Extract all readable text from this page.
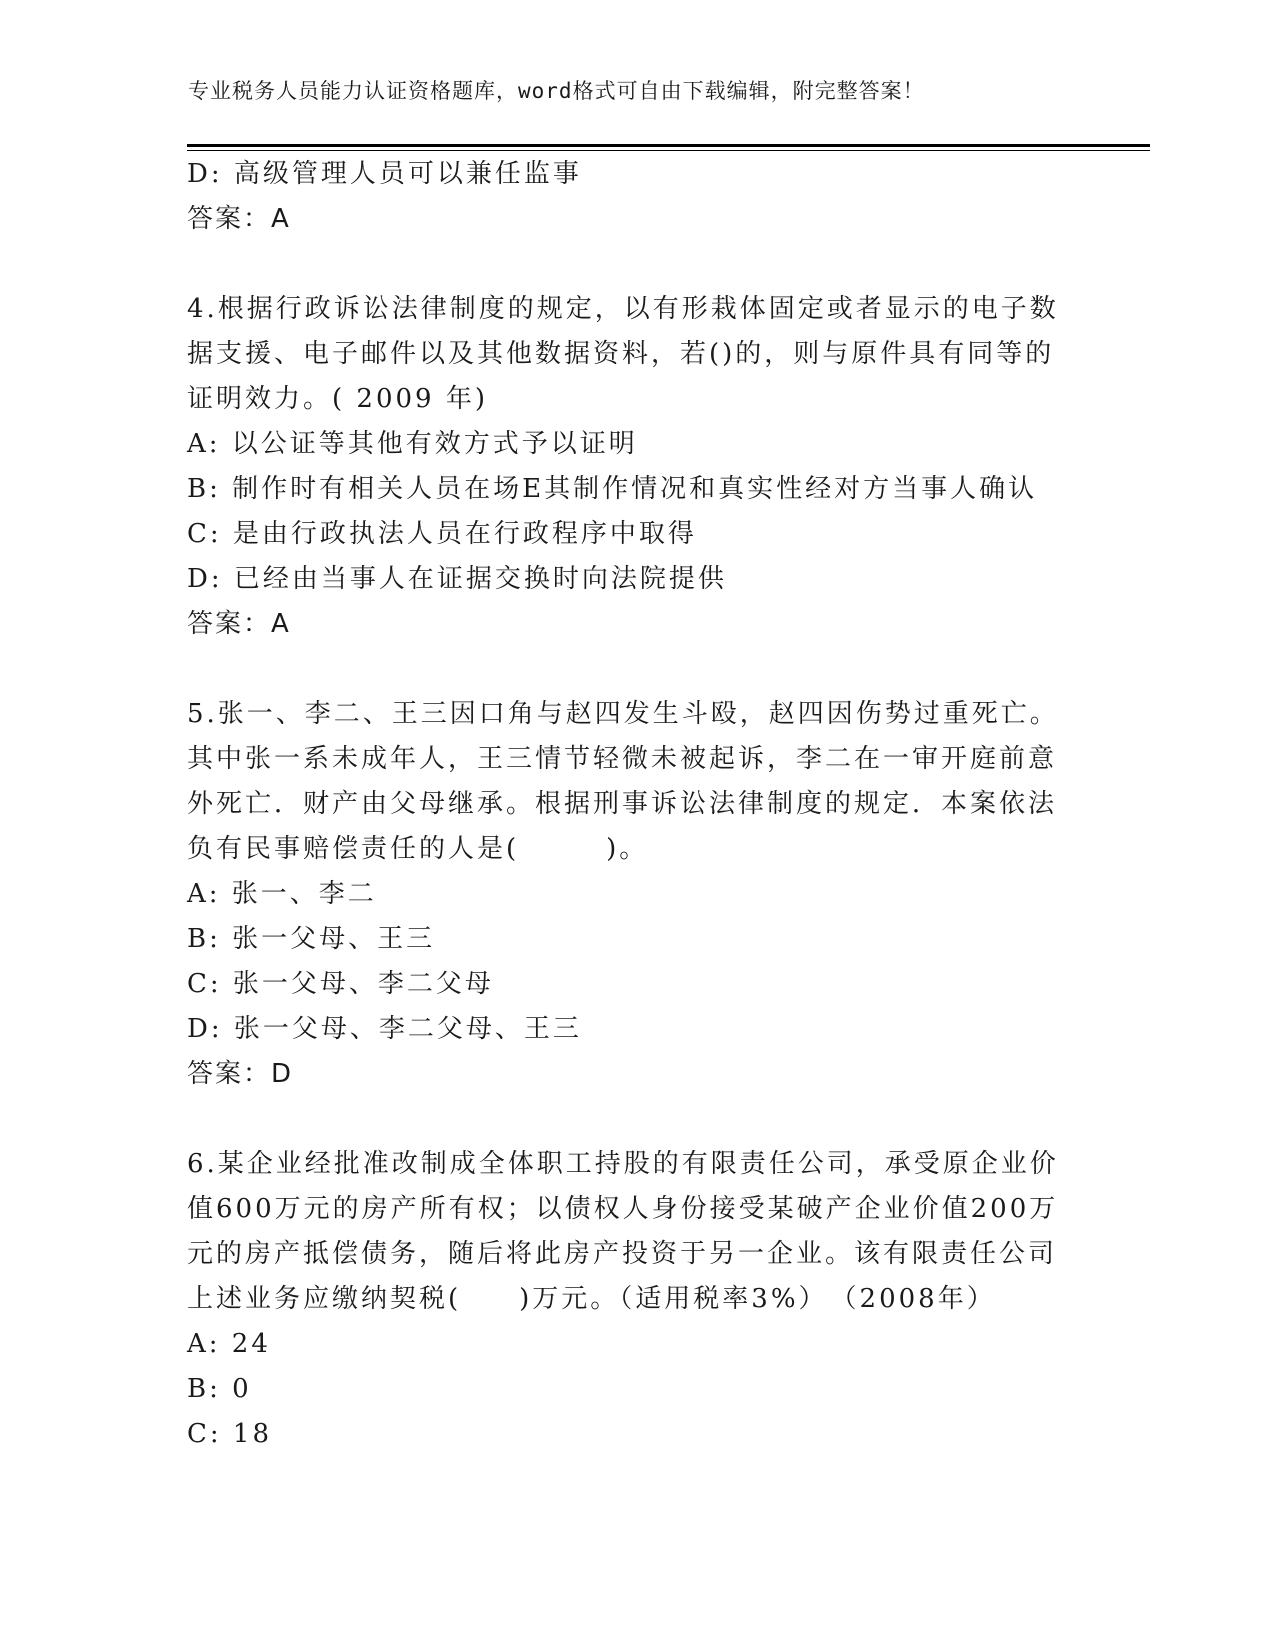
专业税务人员能力认证资格题库，word格式可自由下载编辑，附完整答案！
D: 高级管理人员可以兼任监事
答案：A
4.根据行政诉讼法律制度的规定，以有形栽体固定或者显示的电子数
据支援、电子邮件以及其他数据资料，若()的，则与原件具有同等的
证明效力。( 2009 年)
A: 以公证等其他有效方式予以证明
B: 制作时有相关人员在场E其制作情况和真实性经对方当事人确认
C: 是由行政执法人员在行政程序中取得
D: 已经由当事人在证据交换时向法院提供
答案：A
5.张一、李二、王三因口角与赵四发生斗殴，赵四因伤势过重死亡。
其中张一系未成年人，王三情节轻微未被起诉，李二在一审开庭前意
外死亡．财产由父母继承。根据刑事诉讼法律制度的规定．本案依法
负有民事赔偿责任的人是(　　　)。
A: 张一、李二
B: 张一父母、王三
C: 张一父母、李二父母
D: 张一父母、李二父母、王三
答案：D
6.某企业经批准改制成全体职工持股的有限责任公司，承受原企业价
值600万元的房产所有权；以债权人身份接受某破产企业价值200万
元的房产抵偿债务，随后将此房产投资于另一企业。该有限责任公司
上述业务应缴纳契税(　　)万元。（适用税率3%）　（2008年）
A: 24
B: 0
C: 18
